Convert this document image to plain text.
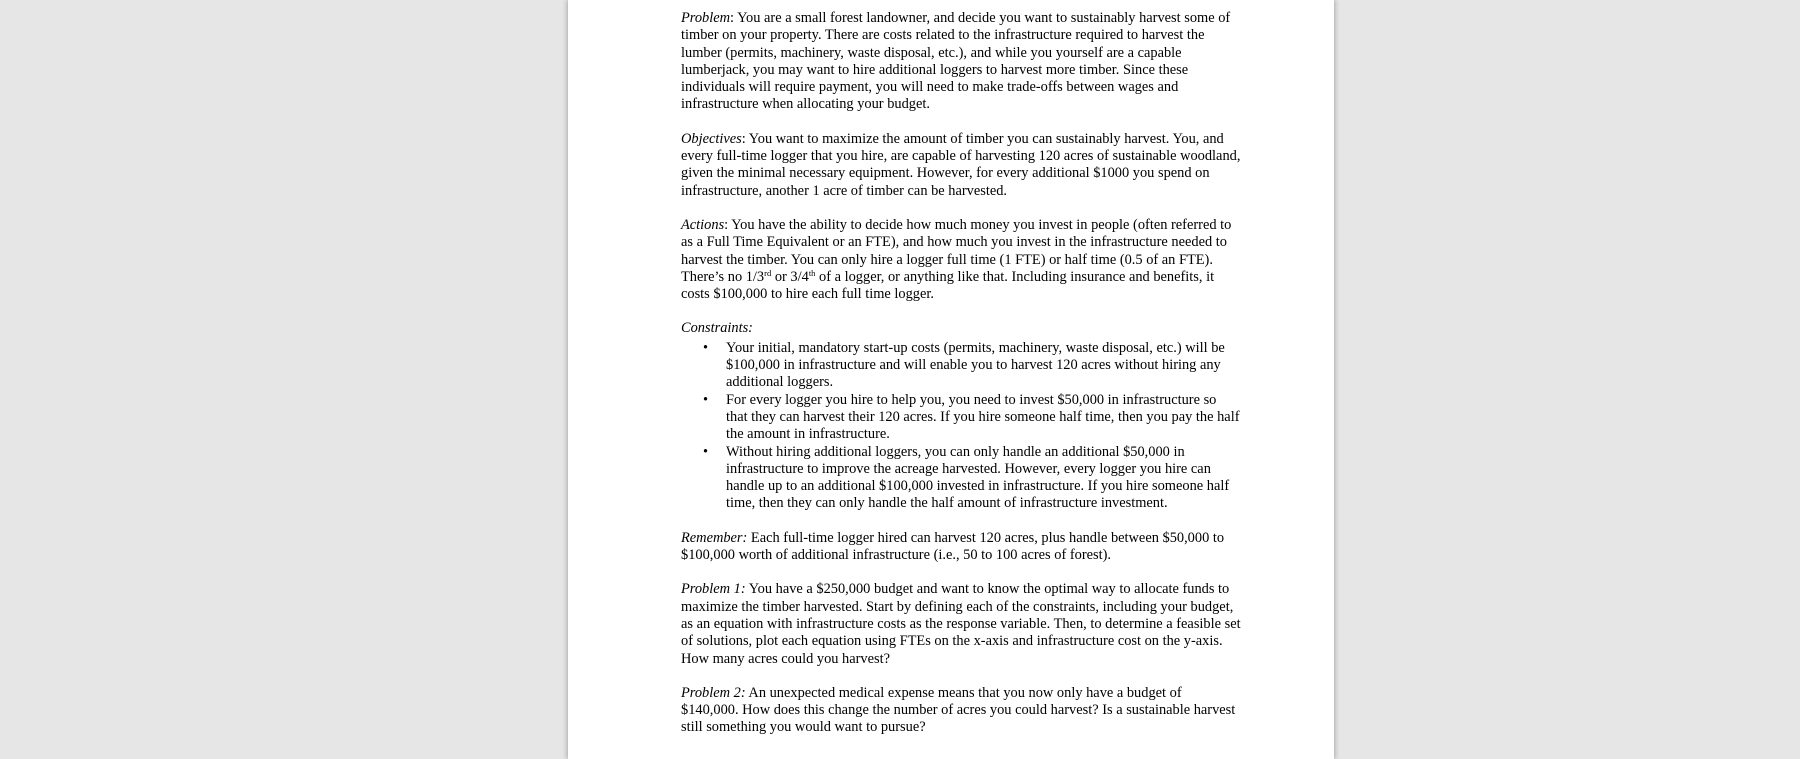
Problem: You are a small forest landowner, and decide you want to sustainably harvest some of timber on your property. There are costs related to the infrastructure required to harvest the lumber (permits, machinery, waste disposal, etc.), and while you yourself are a capable lumberjack, you may want to hire additional loggers to harvest more timber. Since these individuals will require payment, you will need to make trade-offs between wages and infrastructure when allocating your budget.

Objectives: You want to maximize the amount of timber you can sustainably harvest. You, and every full-time logger that you hire, are capable of harvesting 120 acres of sustainable woodland, given the minimal necessary equipment. However, for every additional $1000 you spend on infrastructure, another 1 acre of timber can be harvested.

Actions: You have the ability to decide how much money you invest in people (often referred to as a Full Time Equivalent or an FTE), and how much you invest in the infrastructure needed to harvest the timber. You can only hire a logger full time (1 FTE) or half time (0.5 of an FTE). There’s no 1/3rd or 3/4th of a logger, or anything like that. Including insurance and benefits, it costs $100,000 to hire each full time logger.

Constraints:

• Your initial, mandatory start-up costs (permits, machinery, waste disposal, etc.) will be $100,000 in infrastructure and will enable you to harvest 120 acres without hiring any additional loggers.
• For every logger you hire to help you, you need to invest $50,000 in infrastructure so that they can harvest their 120 acres. If you hire someone half time, then you pay the half the amount in infrastructure.
• Without hiring additional loggers, you can only handle an additional $50,000 in infrastructure to improve the acreage harvested. However, every logger you hire can handle up to an additional $100,000 invested in infrastructure. If you hire someone half time, then they can only handle the half amount of infrastructure investment.

Remember: Each full-time logger hired can harvest 120 acres, plus handle between $50,000 to $100,000 worth of additional infrastructure (i.e., 50 to 100 acres of forest).

Problem 1: You have a $250,000 budget and want to know the optimal way to allocate funds to maximize the timber harvested. Start by defining each of the constraints, including your budget, as an equation with infrastructure costs as the response variable. Then, to determine a feasible set of solutions, plot each equation using FTEs on the x-axis and infrastructure cost on the y-axis. How many acres could you harvest?

Problem 2: An unexpected medical expense means that you now only have a budget of $140,000. How does this change the number of acres you could harvest? Is a sustainable harvest still something you would want to pursue?
